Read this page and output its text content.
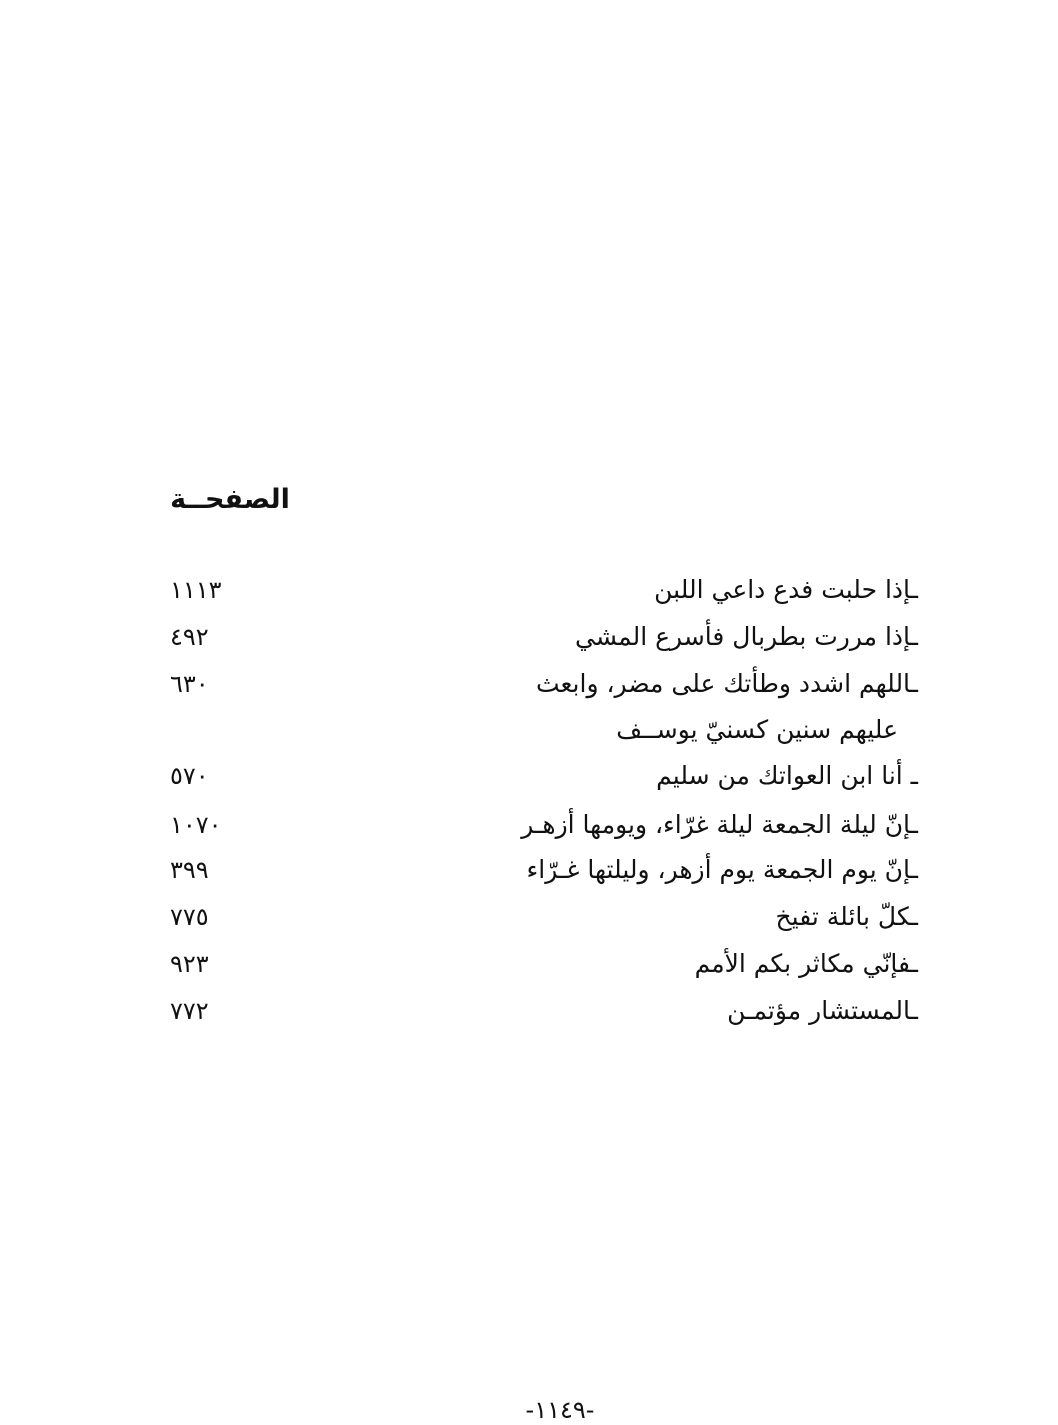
الصفحــة
ـإذا حلبت فدع داعي اللبن
١١١٣
ـإذا مررت بطربال فأسرع المشي
٤٩٢
ـاللهم اشدد وطأتك على مضر، وابعث
٦٣٠
عليهم سنين كسنيّ يوســف
ـ أنا ابن العواتك من سليم
٥٧٠
ـإنّ ليلة الجمعة ليلة غرّاء، ويومها أزهـر
١٠٧٠
ـإنّ يوم الجمعة يوم أزهر، وليلتها غـرّاء
٣٩٩
ـكلّ بائلة تفيخ
٧٧٥
ـفإنّي مكاثر بكم الأمم
٩٢٣
ـالمستشار مؤتمـن
٧٧٢
-١١٤٩-
